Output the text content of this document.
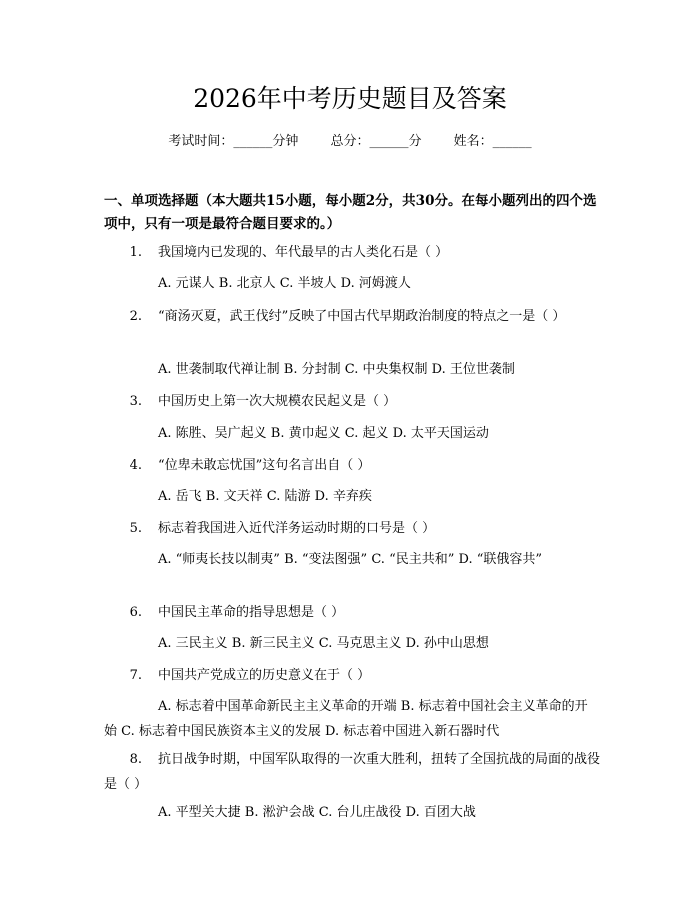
2026年中考历史题目及答案
考试时间：______分钟 总分：______分 姓名：______
一、单项选择题（本大题共15小题，每小题2分，共30分。在每小题列出的四个选项中，只有一项是最符合题目要求的。）
1. 我国境内已发现的、年代最早的古人类化石是（ ）
A. 元谋人 B. 北京人 C. 半坡人 D. 河姆渡人
2. “商汤灭夏，武王伐纣”反映了中国古代早期政治制度的特点之一是（ ）
A. 世袭制取代禅让制 B. 分封制 C. 中央集权制 D. 王位世袭制
3. 中国历史上第一次大规模农民起义是（ ）
A. 陈胜、吴广起义 B. 黄巾起义 C. 起义 D. 太平天国运动
4. “位卑未敢忘忧国”这句名言出自（ ）
A. 岳飞 B. 文天祥 C. 陆游 D. 辛弃疾
5. 标志着我国进入近代洋务运动时期的口号是（ ）
A. “师夷长技以制夷” B. “变法图强” C. “民主共和” D. “联俄容共”
6. 中国民主革命的指导思想是（ ）
A. 三民主义 B. 新三民主义 C. 马克思主义 D. 孙中山思想
7. 中国共产党成立的历史意义在于（ ）
A. 标志着中国革命新民主主义革命的开端 B. 标志着中国社会主义革命的开始 C. 标志着中国民族资本主义的发展 D. 标志着中国进入新石器时代
8. 抗日战争时期，中国军队取得的一次重大胜利，扭转了全国抗战的局面的战役是（ ）
A. 平型关大捷 B. 淞沪会战 C. 台儿庄战役 D. 百团大战
